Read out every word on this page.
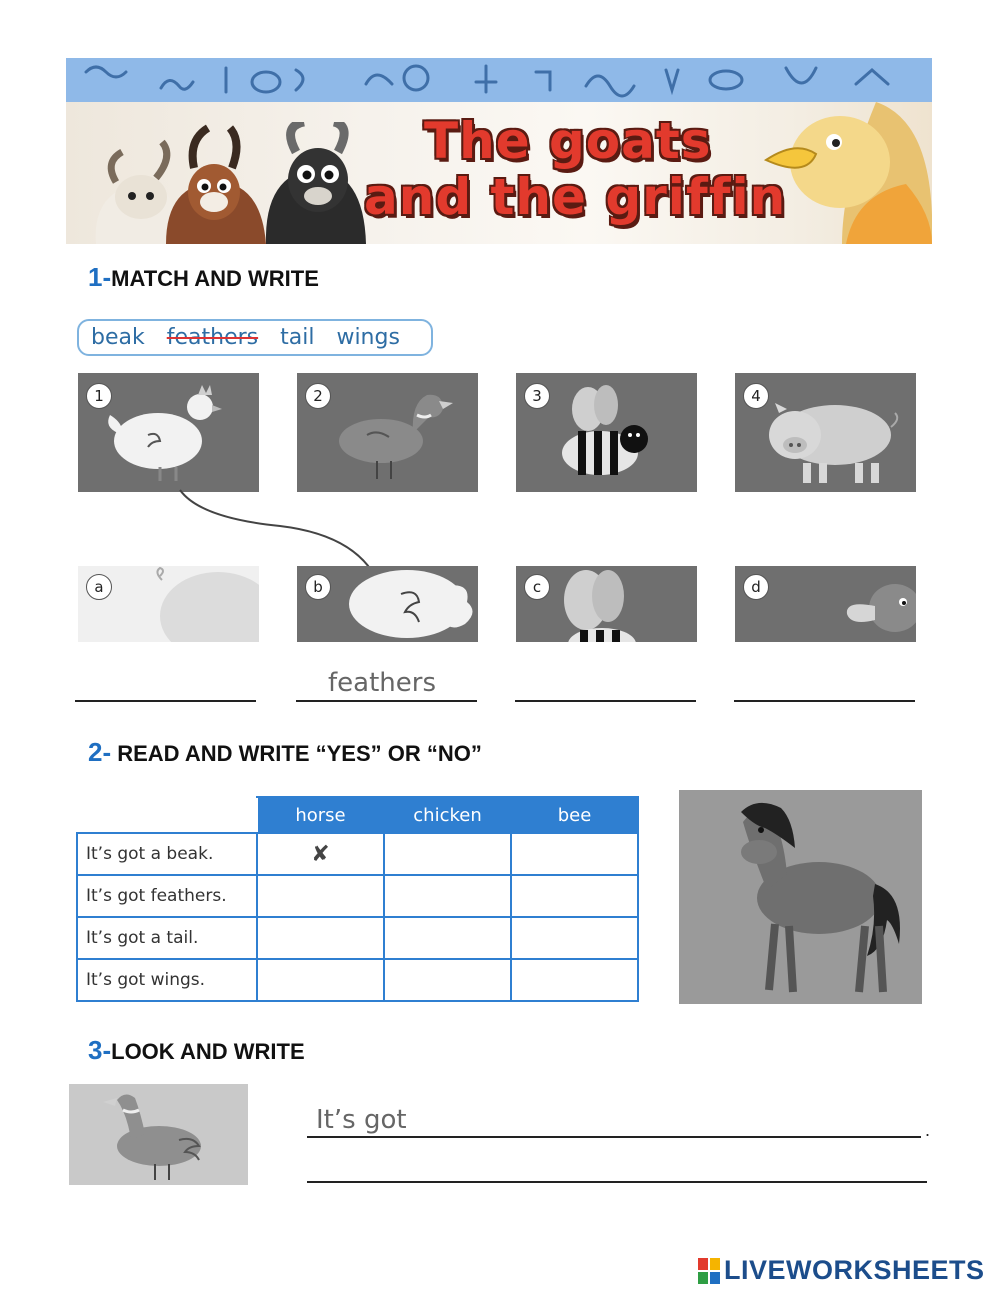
The goats
and the griffin
1-MATCH AND WRITE
beak feathers tail wings
1	2	3	4
a	b	c	d
feathers
2- READ AND WRITE “YES” OR “NO”
	horse	chicken	bee
It’s got a beak.	✘		
It’s got feathers.			
It’s got a tail.			
It’s got wings.			
3-LOOK AND WRITE
It’s got	.
LIVEWORKSHEETS
